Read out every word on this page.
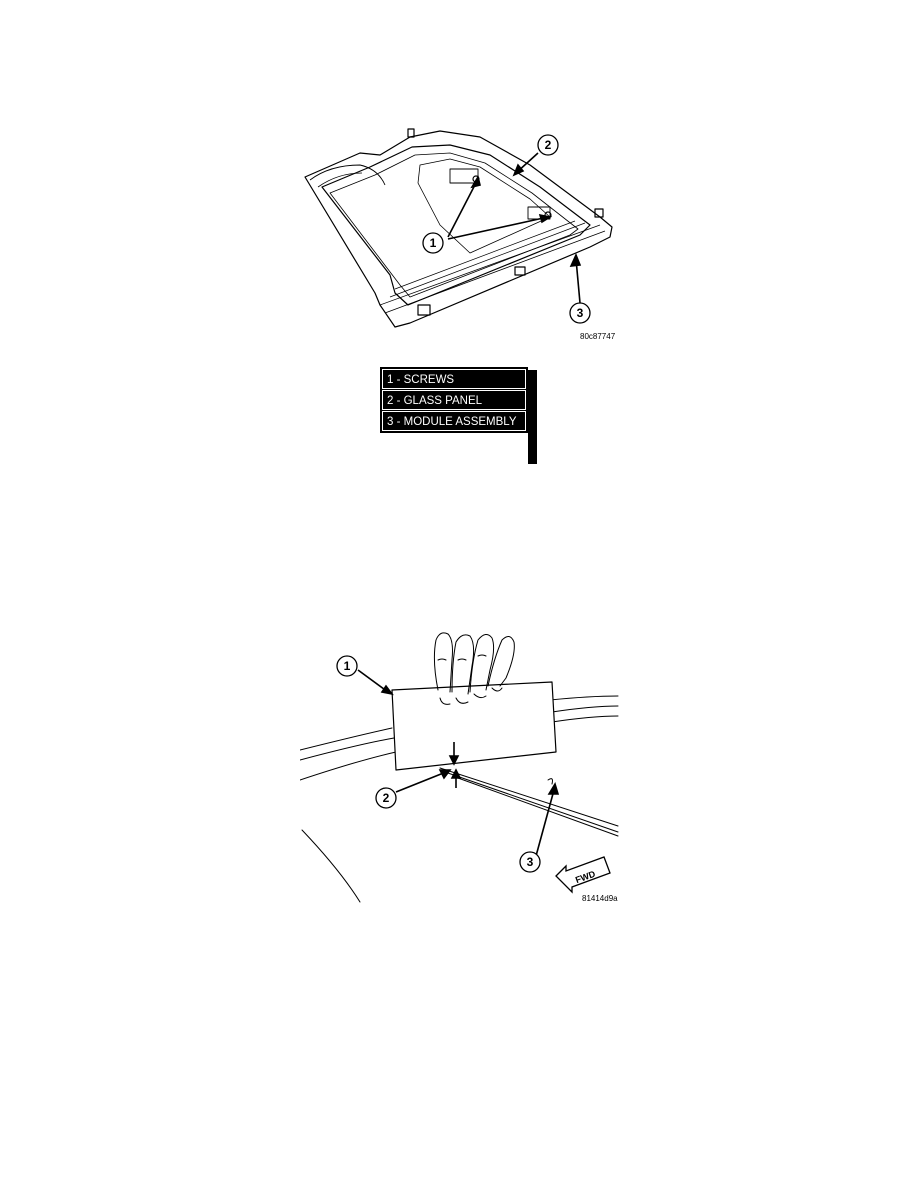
1
2
3
80c87747
1 - SCREWS
2 - GLASS PANEL
3 - MODULE ASSEMBLY
1
2
3
FWD
81414d9a
